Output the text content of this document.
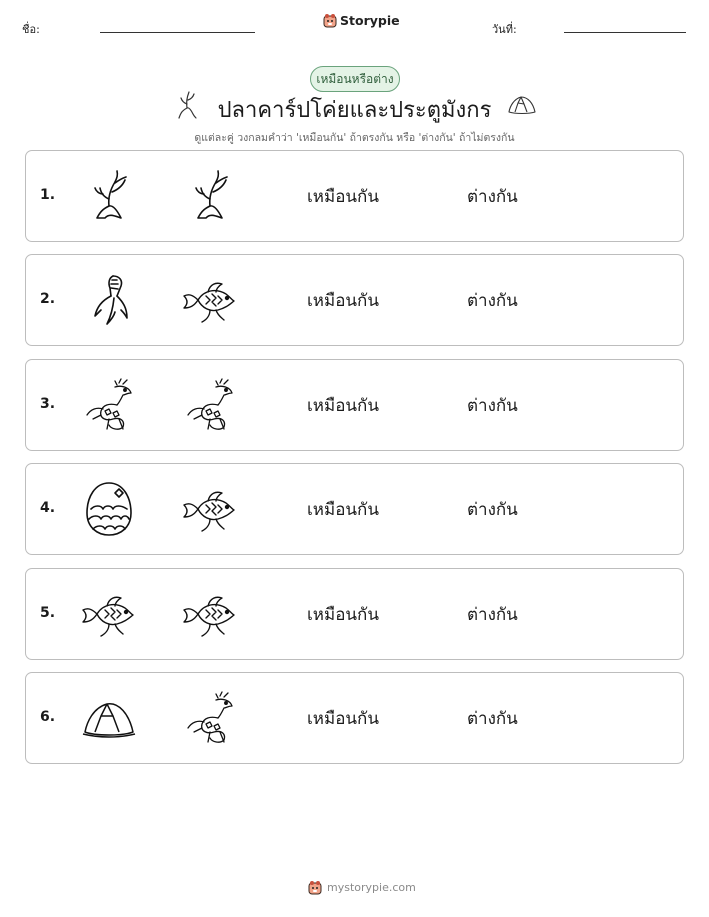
ชื่อ:
Storypie
วันที่:
เหมือนหรือต่าง
ปลาคาร์ปโค่ยและประตูมังกร
ดูแต่ละคู่ วงกลมคำว่า 'เหมือนกัน' ถ้าตรงกัน หรือ 'ต่างกัน' ถ้าไม่ตรงกัน
1.	เหมือนกัน	ต่างกัน
2.	เหมือนกัน	ต่างกัน
3.	เหมือนกัน	ต่างกัน
4.	เหมือนกัน	ต่างกัน
5.	เหมือนกัน	ต่างกัน
6.	เหมือนกัน	ต่างกัน
mystorypie.com
